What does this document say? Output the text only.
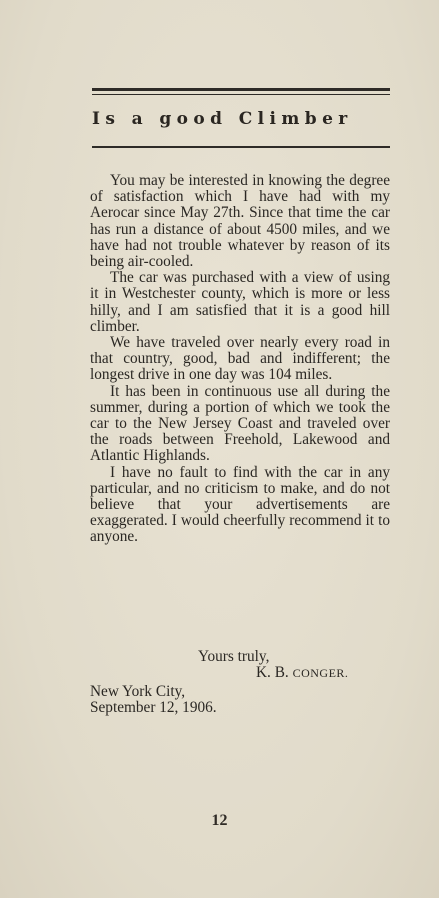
Is a good Climber

You may be interested in knowing the degree of satisfaction which I have had with my Aerocar since May 27th. Since that time the car has run a distance of about 4500 miles, and we have had not trouble whatever by reason of its being air-cooled.

The car was purchased with a view of using it in Westchester county, which is more or less hilly, and I am satisfied that it is a good hill climber.

We have traveled over nearly every road in that country, good, bad and indifferent; the longest drive in one day was 104 miles.

It has been in continuous use all during the summer, during a portion of which we took the car to the New Jersey Coast and traveled over the roads between Freehold, Lakewood and Atlantic Highlands.

I have no fault to find with the car in any particular, and no criticism to make, and do not believe that your advertisements are exaggerated. I would cheerfully recommend it to anyone.

Yours truly,
K. B. CONGER.
New York City,
September 12, 1906.
12
